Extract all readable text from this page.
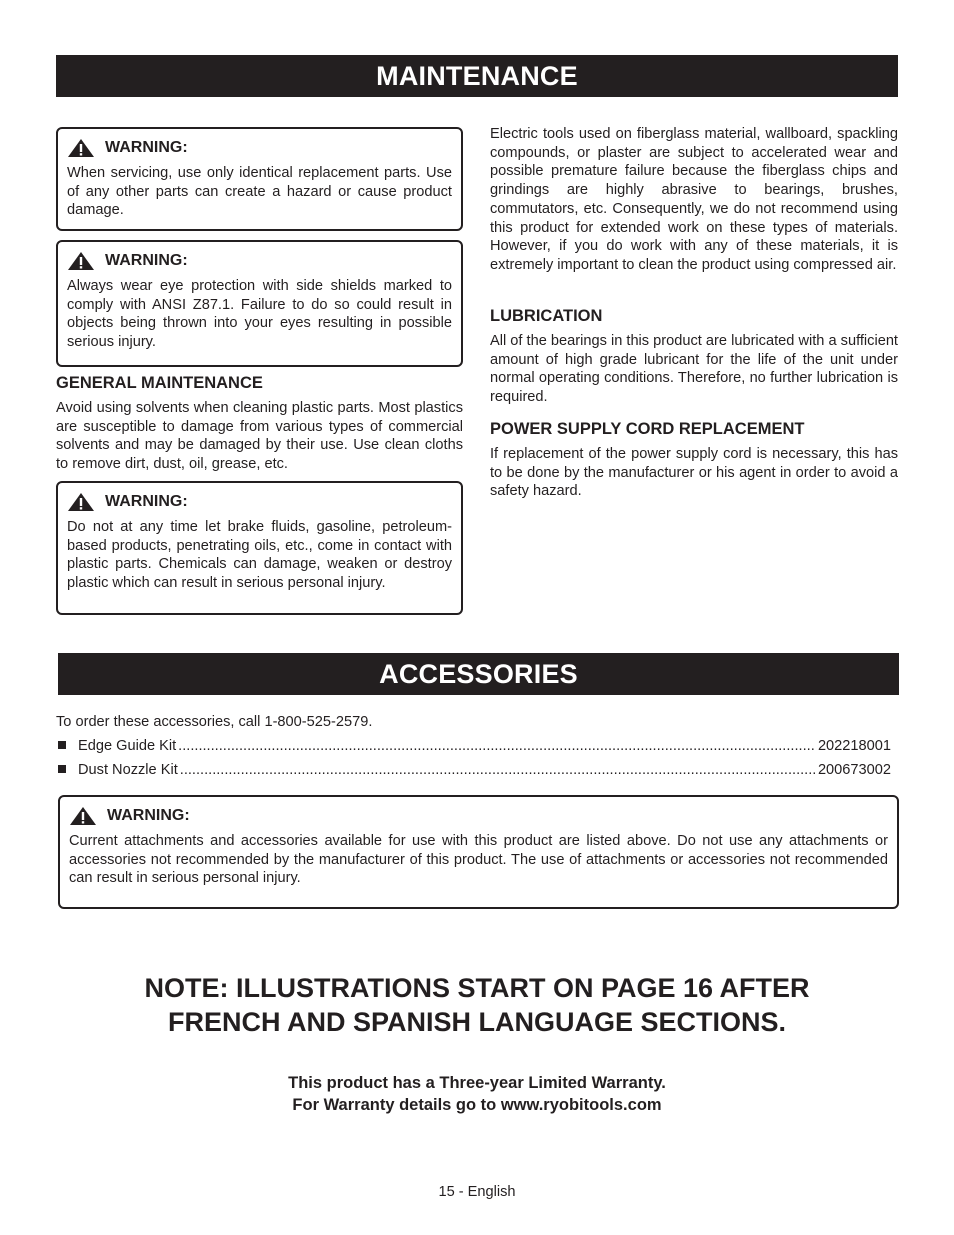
MAINTENANCE
WARNING:
When servicing, use only identical replacement parts. Use of any other parts can create a hazard or cause product damage.
WARNING:
Always wear eye protection with side shields marked to comply with ANSI Z87.1. Failure to do so could result in objects being thrown into your eyes resulting in possible serious injury.
GENERAL MAINTENANCE
Avoid using solvents when cleaning plastic parts. Most plastics are susceptible to damage from various types of commercial solvents and may be damaged by their use. Use clean cloths to remove dirt, dust, oil, grease, etc.
WARNING:
Do not at any time let brake fluids, gasoline, petroleum-based products, penetrating oils, etc., come in contact with plastic parts. Chemicals can damage, weaken or destroy plastic which can result in serious personal injury.
Electric tools used on fiberglass material, wallboard, spackling compounds, or plaster are subject to accelerated wear and possible premature failure because the fiberglass chips and grindings are highly abrasive to bearings, brushes, commutators, etc. Consequently, we do not recommend using this product for extended work on these types of materials. However, if you do work with any of these materials, it is extremely important to clean the product using compressed air.
LUBRICATION
All of the bearings in this product are lubricated with a sufficient amount of high grade lubricant for the life of the unit under normal operating conditions. Therefore, no further lubrication is required.
POWER SUPPLY CORD REPLACEMENT
If replacement of the power supply cord is necessary, this has to be done by the manufacturer or his agent in order to avoid a safety hazard.
ACCESSORIES
To order these accessories, call 1-800-525-2579.
Edge Guide Kit .....	202218001
Dust Nozzle Kit .....	200673002
WARNING:
Current attachments and accessories available for use with this product are listed above. Do not use any attachments or accessories not recommended by the manufacturer of this product. The use of attachments or accessories not recommended can result in serious personal injury.
NOTE: ILLUSTRATIONS START ON PAGE 16 AFTER
FRENCH AND SPANISH LANGUAGE SECTIONS.
This product has a Three-year Limited Warranty.
For Warranty details go to www.ryobitools.com
15 - English
